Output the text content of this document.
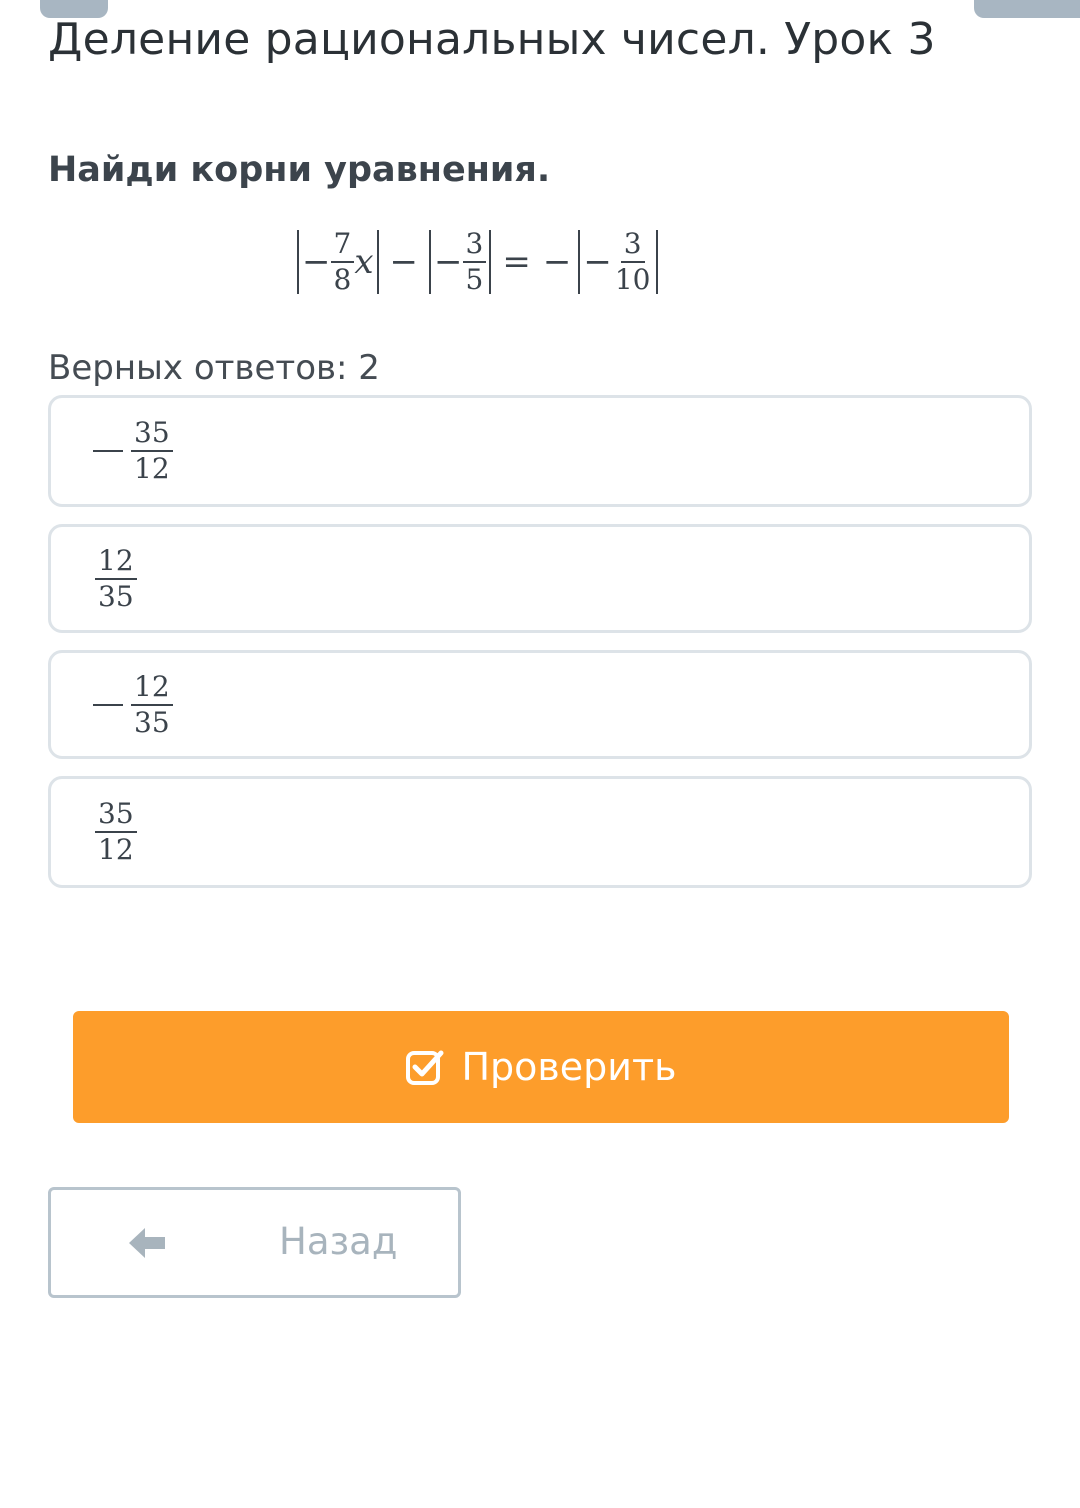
Деление рациональных чисел. Урок 3
Найди корни уравнения.
− $\frac{7}{8}$ x − − $\frac{3}{5}$ = − − $\frac{3}{10}$

Верных ответов: 2

$\frac{35}{12}$
$\frac{12}{35}$
$\frac{12}{35}$
$\frac{35}{12}$
Проверить
Назад
